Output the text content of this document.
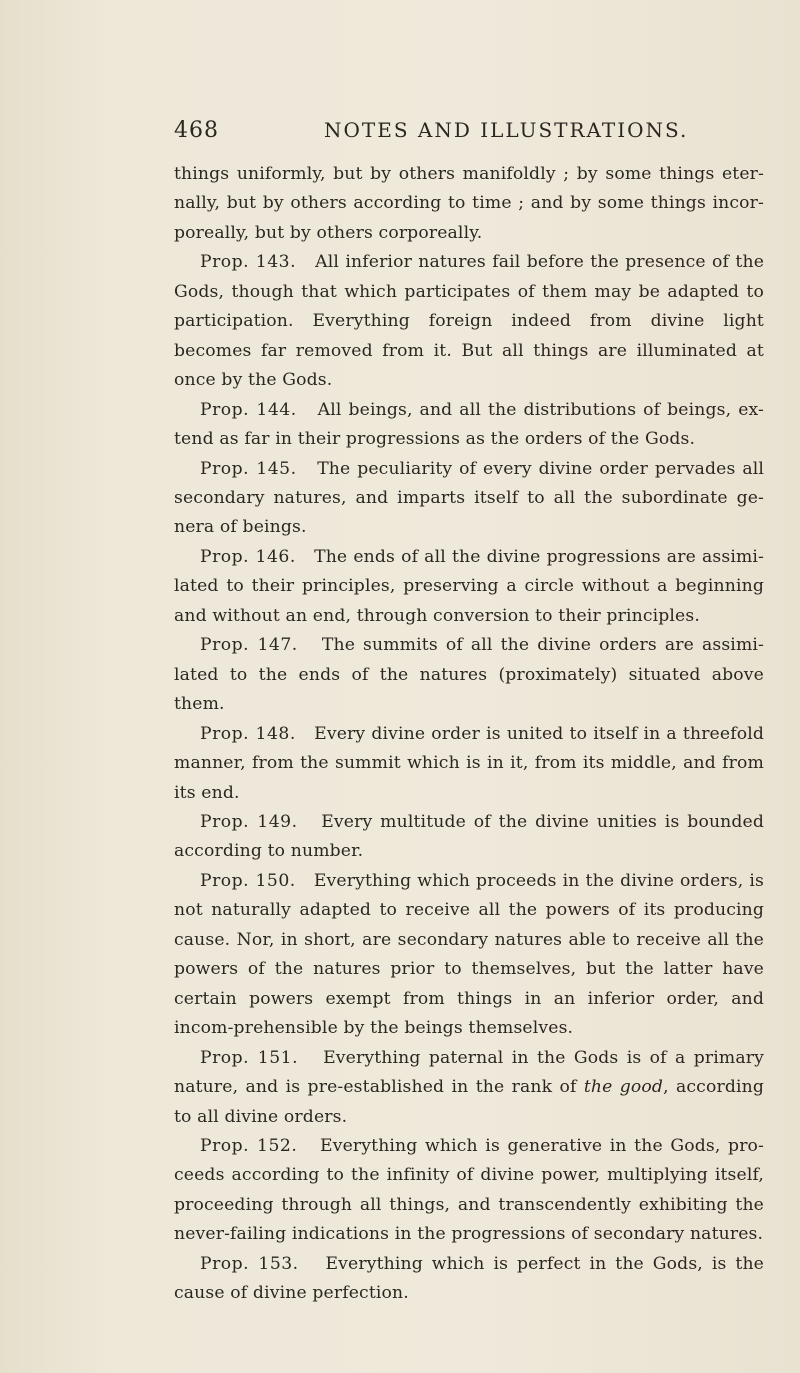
468	NOTES AND ILLUSTRATIONS.

things uniformly, but by others manifoldly ; by some things eter-nally, but by others according to time ; and by some things incor-poreally, but by others corporeally.

Prop. 143. All inferior natures fail before the presence of the Gods, though that which participates of them may be adapted to participation. Everything foreign indeed from divine light becomes far removed from it. But all things are illuminated at once by the Gods.

Prop. 144. All beings, and all the distributions of beings, ex-tend as far in their progressions as the orders of the Gods.

Prop. 145. The peculiarity of every divine order pervades all secondary natures, and imparts itself to all the subordinate ge-nera of beings.

Prop. 146. The ends of all the divine progressions are assimi-lated to their principles, preserving a circle without a beginning and without an end, through conversion to their principles.

Prop. 147. The summits of all the divine orders are assimi-lated to the ends of the natures (proximately) situated above them.

Prop. 148. Every divine order is united to itself in a threefold manner, from the summit which is in it, from its middle, and from its end.

Prop. 149. Every multitude of the divine unities is bounded according to number.

Prop. 150. Everything which proceeds in the divine orders, is not naturally adapted to receive all the powers of its producing cause. Nor, in short, are secondary natures able to receive all the powers of the natures prior to themselves, but the latter have certain powers exempt from things in an inferior order, and incom-prehensible by the beings themselves.

Prop. 151. Everything paternal in the Gods is of a primary nature, and is pre-established in the rank of the good, according to all divine orders.

Prop. 152. Everything which is generative in the Gods, pro-ceeds according to the infinity of divine power, multiplying itself, proceeding through all things, and transcendently exhibiting the never-failing indications in the progressions of secondary natures.

Prop. 153. Everything which is perfect in the Gods, is the cause of divine perfection.
